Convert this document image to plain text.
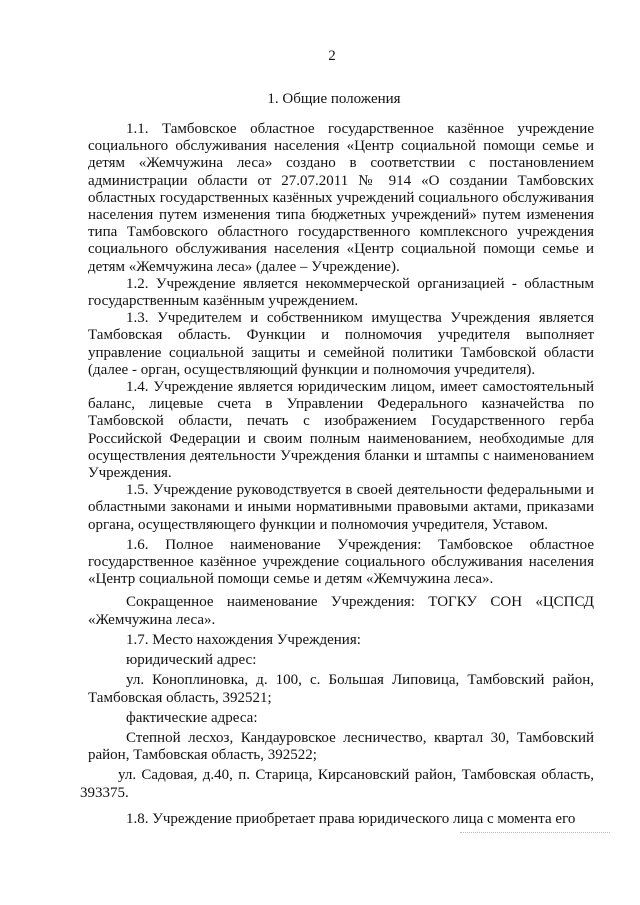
2
1. Общие положения

1.1. Тамбовское областное государственное казённое учреждение социального обслуживания населения «Центр социальной помощи семье и детям «Жемчужина леса» создано в соответствии с постановлением администрации области от 27.07.2011 № 914 «О создании Тамбовских областных государственных казённых учреждений социального обслуживания населения путем изменения типа бюджетных учреждений» путем изменения типа Тамбовского областного государственного комплексного учреждения социального обслуживания населения «Центр социальной помощи семье и детям «Жемчужина леса» (далее – Учреждение).

1.2. Учреждение является некоммерческой организацией - областным государственным казённым учреждением.

1.3. Учредителем и собственником имущества Учреждения является Тамбовская область. Функции и полномочия учредителя выполняет управление социальной защиты и семейной политики Тамбовской области (далее - орган, осуществляющий функции и полномочия учредителя).

1.4. Учреждение является юридическим лицом, имеет самостоятельный баланс, лицевые счета в Управлении Федерального казначейства по Тамбовской области, печать с изображением Государственного герба Российской Федерации и своим полным наименованием, необходимые для осуществления деятельности Учреждения бланки и штампы с наименованием Учреждения.

1.5. Учреждение руководствуется в своей деятельности федеральными и областными законами и иными нормативными правовыми актами, приказами органа, осуществляющего функции и полномочия учредителя, Уставом.

1.6. Полное наименование Учреждения: Тамбовское областное государственное казённое учреждение социального обслуживания населения «Центр социальной помощи семье и детям «Жемчужина леса».

Сокращенное наименование Учреждения: ТОГКУ СОН «ЦСПСД «Жемчужина леса».

1.7. Место нахождения Учреждения:

юридический адрес:

ул. Коноплиновка, д. 100, с. Большая Липовица, Тамбовский район, Тамбовская область, 392521;

фактические адреса:

Степной лесхоз, Кандауровское лесничество, квартал 30, Тамбовский район, Тамбовская область, 392522;

ул. Садовая, д.40, п. Старица, Кирсановский район, Тамбовская область, 393375.

1.8. Учреждение приобретает права юридического лица с момента его
